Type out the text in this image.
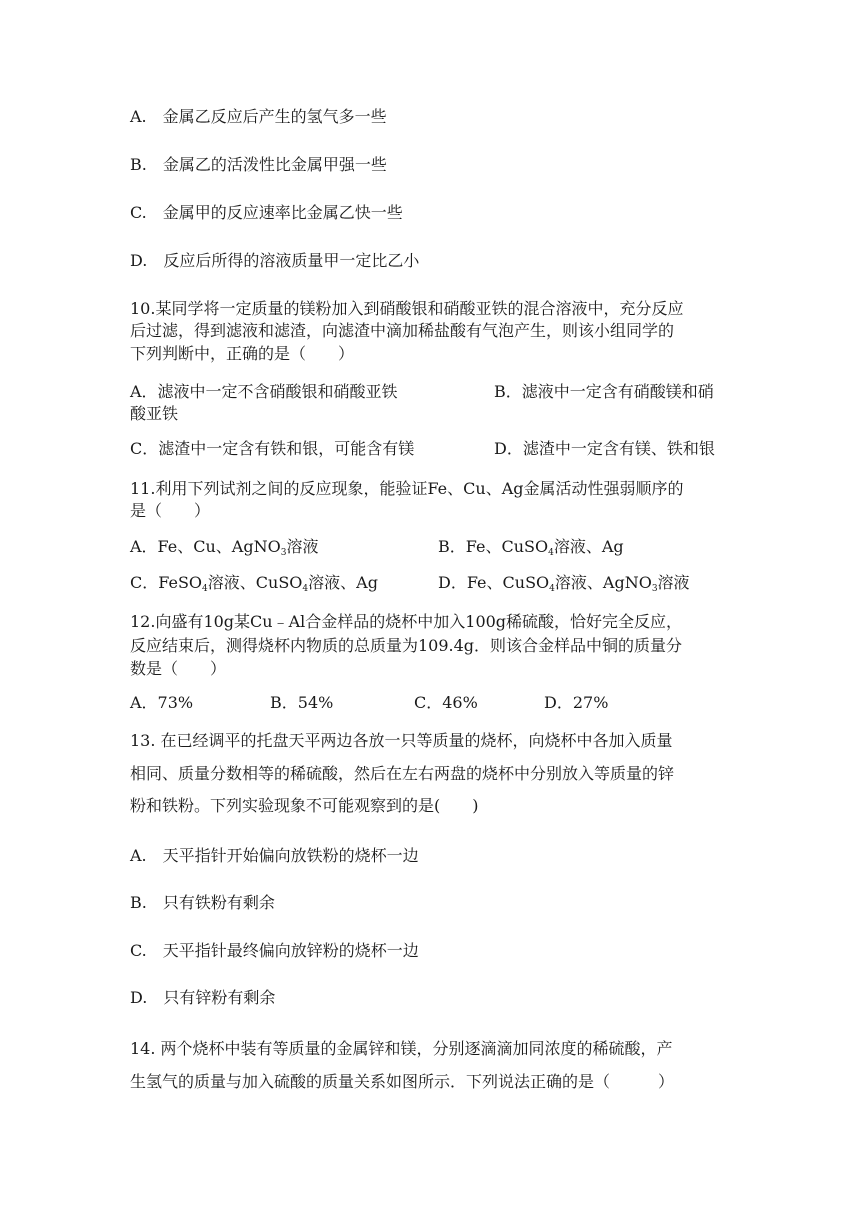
A.　金属乙反应后产生的氢气多一些
B.　金属乙的活泼性比金属甲强一些
C.　金属甲的反应速率比金属乙快一些
D.　反应后所得的溶液质量甲一定比乙小
10.某同学将一定质量的镁粉加入到硝酸银和硝酸亚铁的混合溶液中，充分反应
后过滤，得到滤液和滤渣，向滤渣中滴加稀盐酸有气泡产生，则该小组同学的
下列判断中，正确的是（　　）
A．滤液中一定不含硝酸银和硝酸亚铁	B．滤液中一定含有硝酸镁和硝
酸亚铁
C．滤渣中一定含有铁和银，可能含有镁	D．滤渣中一定含有镁、铁和银
11.利用下列试剂之间的反应现象，能验证Fe、Cu、Ag金属活动性强弱顺序的
是（　　）
A．Fe、Cu、AgNO$_3$溶液	B．Fe、CuSO$_4$溶液、Ag
C．FeSO$_4$溶液、CuSO$_4$溶液、Ag	D．Fe、CuSO$_4$溶液、AgNO$_3$溶液
12.向盛有10g某Cu﹣Al合金样品的烧杯中加入100g稀硫酸，恰好完全反应，
反应结束后，测得烧杯内物质的总质量为109.4g．则该合金样品中铜的质量分
数是（　　）
A．73%	B．54%	C．46%	D．27%
13. 在已经调平的托盘天平两边各放一只等质量的烧杯，向烧杯中各加入质量
相同、质量分数相等的稀硫酸，然后在左右两盘的烧杯中分别放入等质量的锌
粉和铁粉。下列实验现象不可能观察到的是(　　)
A.　天平指针开始偏向放铁粉的烧杯一边
B.　只有铁粉有剩余
C.　天平指针最终偏向放锌粉的烧杯一边
D.　只有锌粉有剩余
14. 两个烧杯中装有等质量的金属锌和镁，分别逐滴滴加同浓度的稀硫酸，产
生氢气的质量与加入硫酸的质量关系如图所示．下列说法正确的是（　　　）
